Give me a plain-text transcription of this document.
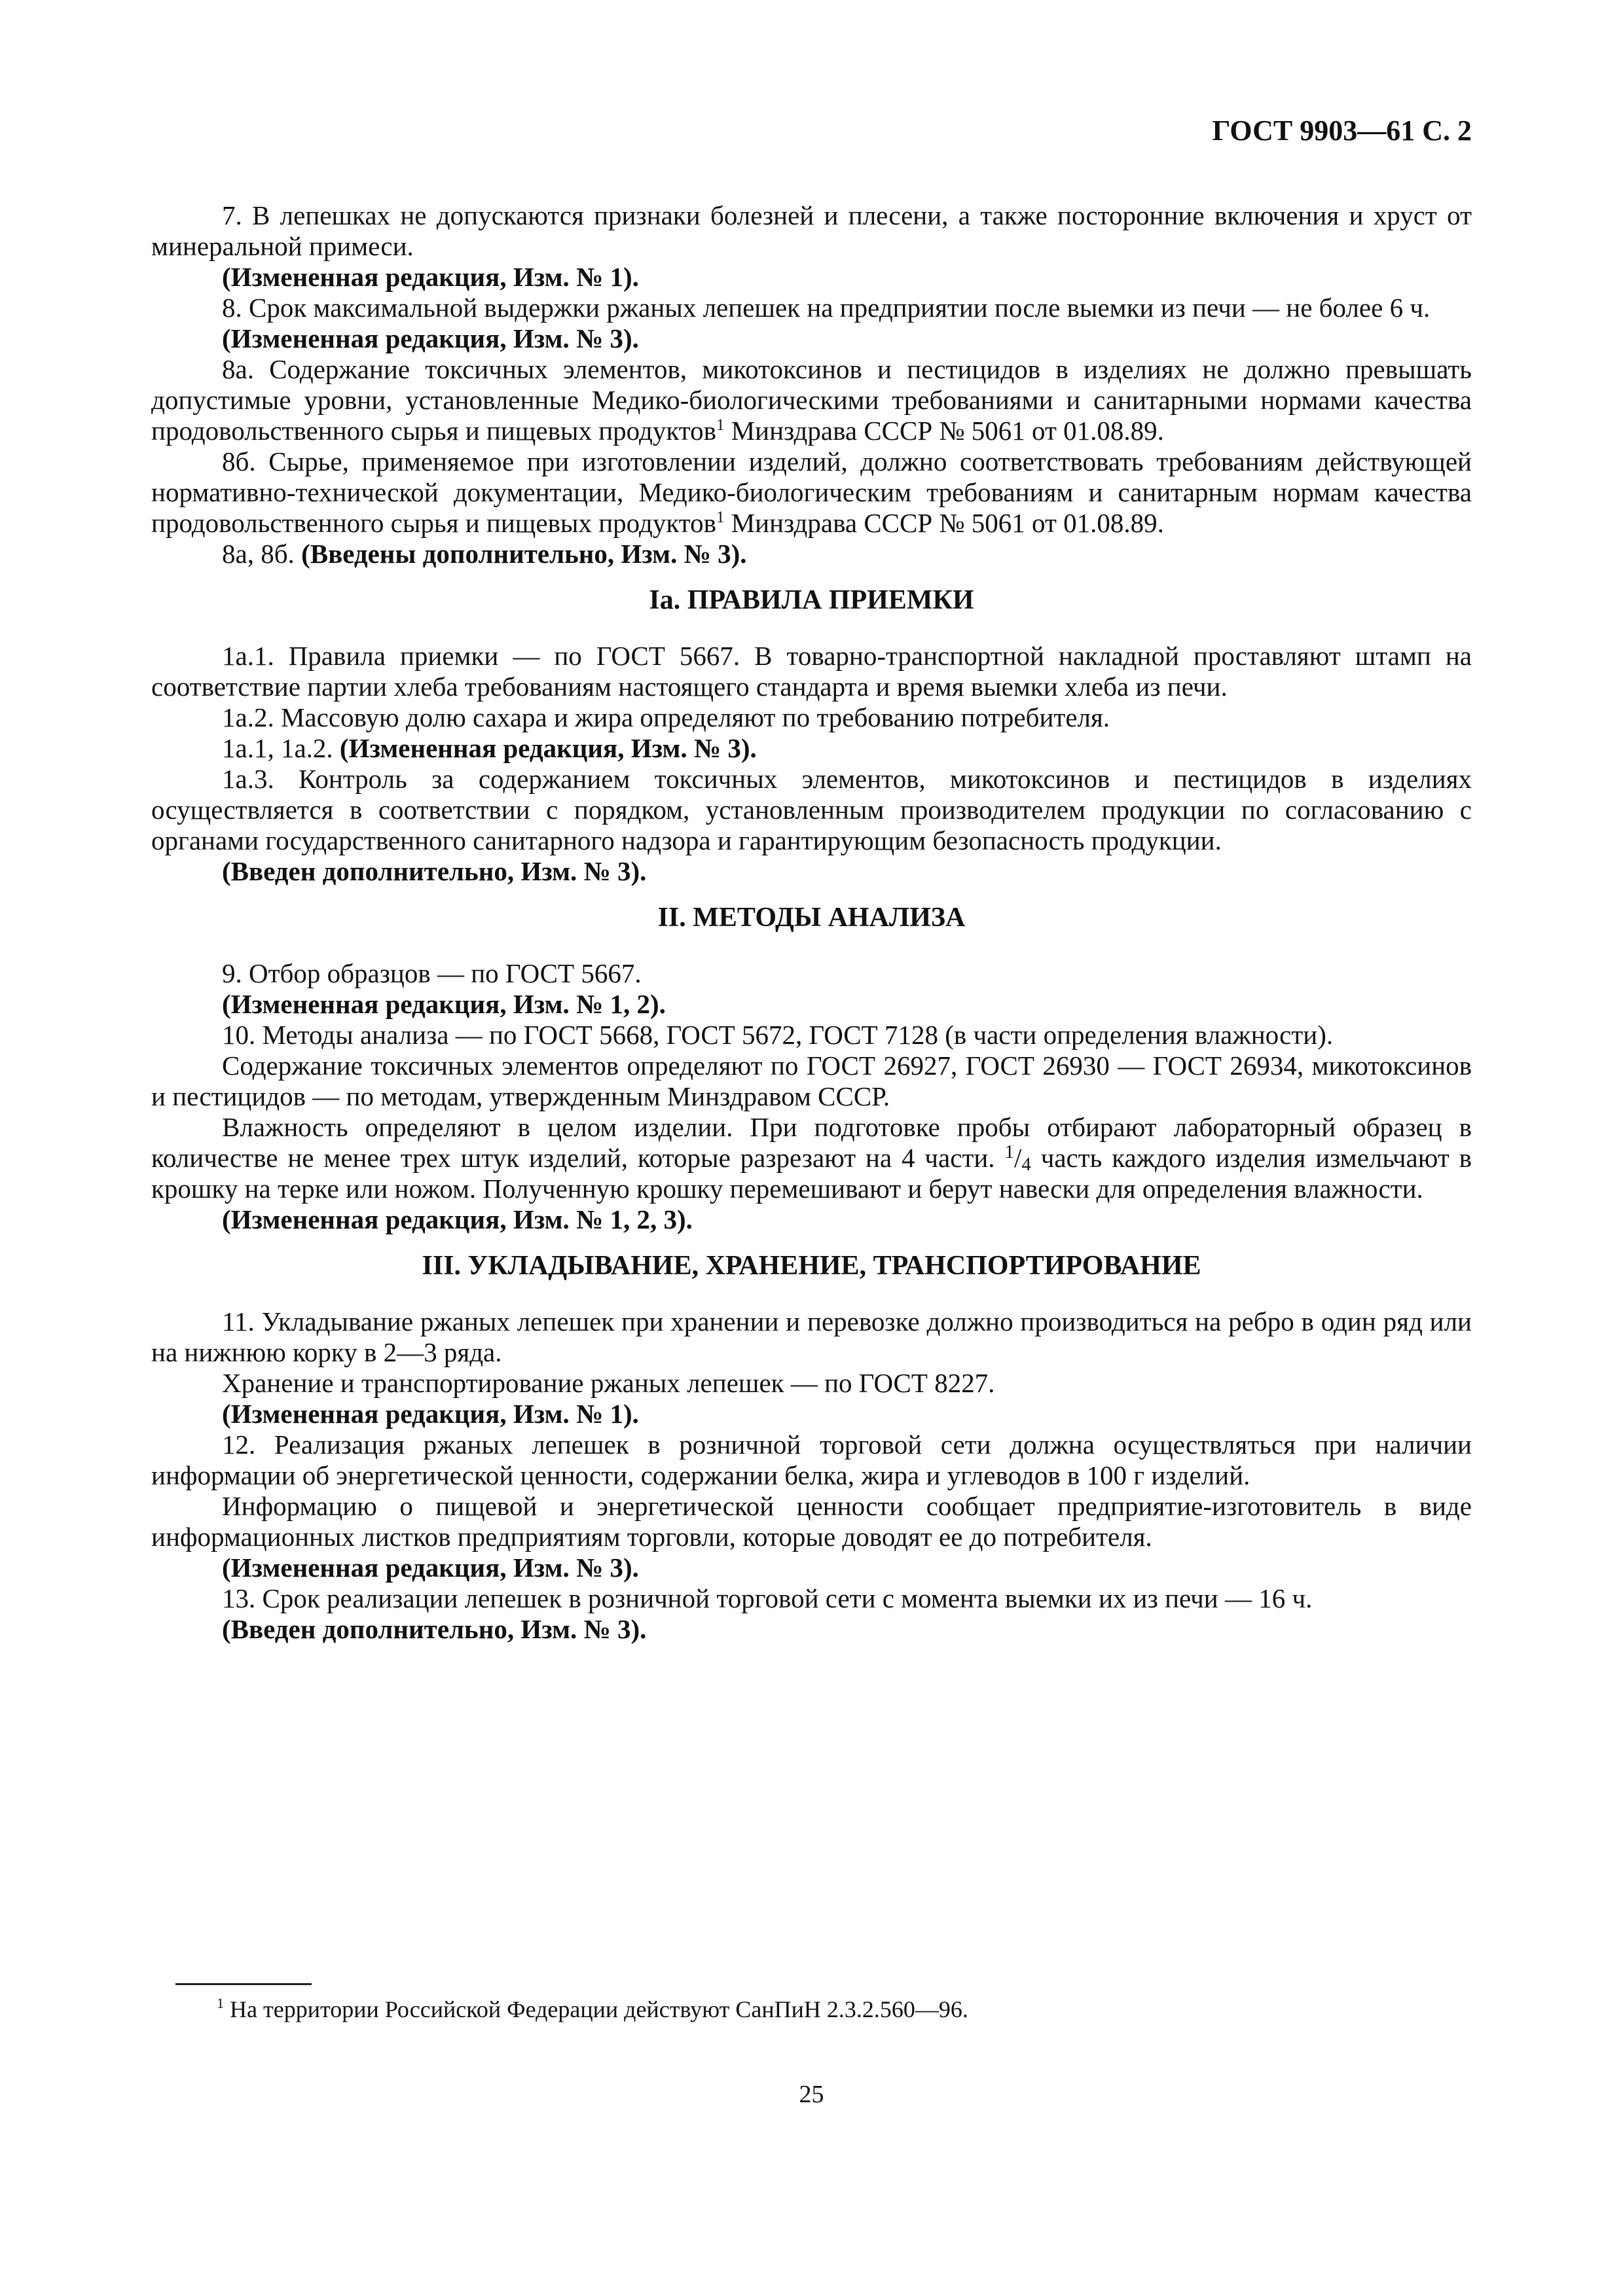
ГОСТ 9903—61 С. 2

7. В лепешках не допускаются признаки болезней и плесени, а также посторонние включения и хруст от минеральной примеси.

(Измененная редакция, Изм. № 1).

8. Срок максимальной выдержки ржаных лепешек на предприятии после выемки из печи — не более 6 ч.

(Измененная редакция, Изм. № 3).

8а. Содержание токсичных элементов, микотоксинов и пестицидов в изделиях не должно превышать допустимые уровни, установленные Медико-биологическими требованиями и санитарными нормами качества продовольственного сырья и пищевых продуктов$^1$ Минздрава СССР № 5061 от 01.08.89.

8б. Сырье, применяемое при изготовлении изделий, должно соответствовать требованиям действующей нормативно-технической документации, Медико-биологическим требованиям и санитарным нормам качества продовольственного сырья и пищевых продуктов$^1$ Минздрава СССР № 5061 от 01.08.89.

8а, 8б. (Введены дополнительно, Изм. № 3).

Iа. ПРАВИЛА ПРИЕМКИ

1а.1. Правила приемки — по ГОСТ 5667. В товарно-транспортной накладной проставляют штамп на соответствие партии хлеба требованиям настоящего стандарта и время выемки хлеба из печи.

1а.2. Массовую долю сахара и жира определяют по требованию потребителя.

1а.1, 1а.2. (Измененная редакция, Изм. № 3).

1а.3. Контроль за содержанием токсичных элементов, микотоксинов и пестицидов в изделиях осуществляется в соответствии с порядком, установленным производителем продукции по согласованию с органами государственного санитарного надзора и гарантирующим безопасность продукции.

(Введен дополнительно, Изм. № 3).

II. МЕТОДЫ АНАЛИЗА

9. Отбор образцов — по ГОСТ 5667.

(Измененная редакция, Изм. № 1, 2).

10. Методы анализа — по ГОСТ 5668, ГОСТ 5672, ГОСТ 7128 (в части определения влажности).

Содержание токсичных элементов определяют по ГОСТ 26927, ГОСТ 26930 — ГОСТ 26934, микотоксинов и пестицидов — по методам, утвержденным Минздравом СССР.

Влажность определяют в целом изделии. При подготовке пробы отбирают лабораторный образец в количестве не менее трех штук изделий, которые разрезают на 4 части. $^1$/4 часть каждого изделия измельчают в крошку на терке или ножом. Полученную крошку перемешивают и берут навески для определения влажности.

(Измененная редакция, Изм. № 1, 2, 3).

III. УКЛАДЫВАНИЕ, ХРАНЕНИЕ, ТРАНСПОРТИРОВАНИЕ

11. Укладывание ржаных лепешек при хранении и перевозке должно производиться на ребро в один ряд или на нижнюю корку в 2—3 ряда.

Хранение и транспортирование ржаных лепешек — по ГОСТ 8227.

(Измененная редакция, Изм. № 1).

12. Реализация ржаных лепешек в розничной торговой сети должна осуществляться при наличии информации об энергетической ценности, содержании белка, жира и углеводов в 100 г изделий.

Информацию о пищевой и энергетической ценности сообщает предприятие-изготовитель в виде информационных листков предприятиям торговли, которые доводят ее до потребителя.

(Измененная редакция, Изм. № 3).

13. Срок реализации лепешек в розничной торговой сети с момента выемки их из печи — 16 ч.

(Введен дополнительно, Изм. № 3).

$^1$ На территории Российской Федерации действуют СанПиН 2.3.2.560—96.
25
